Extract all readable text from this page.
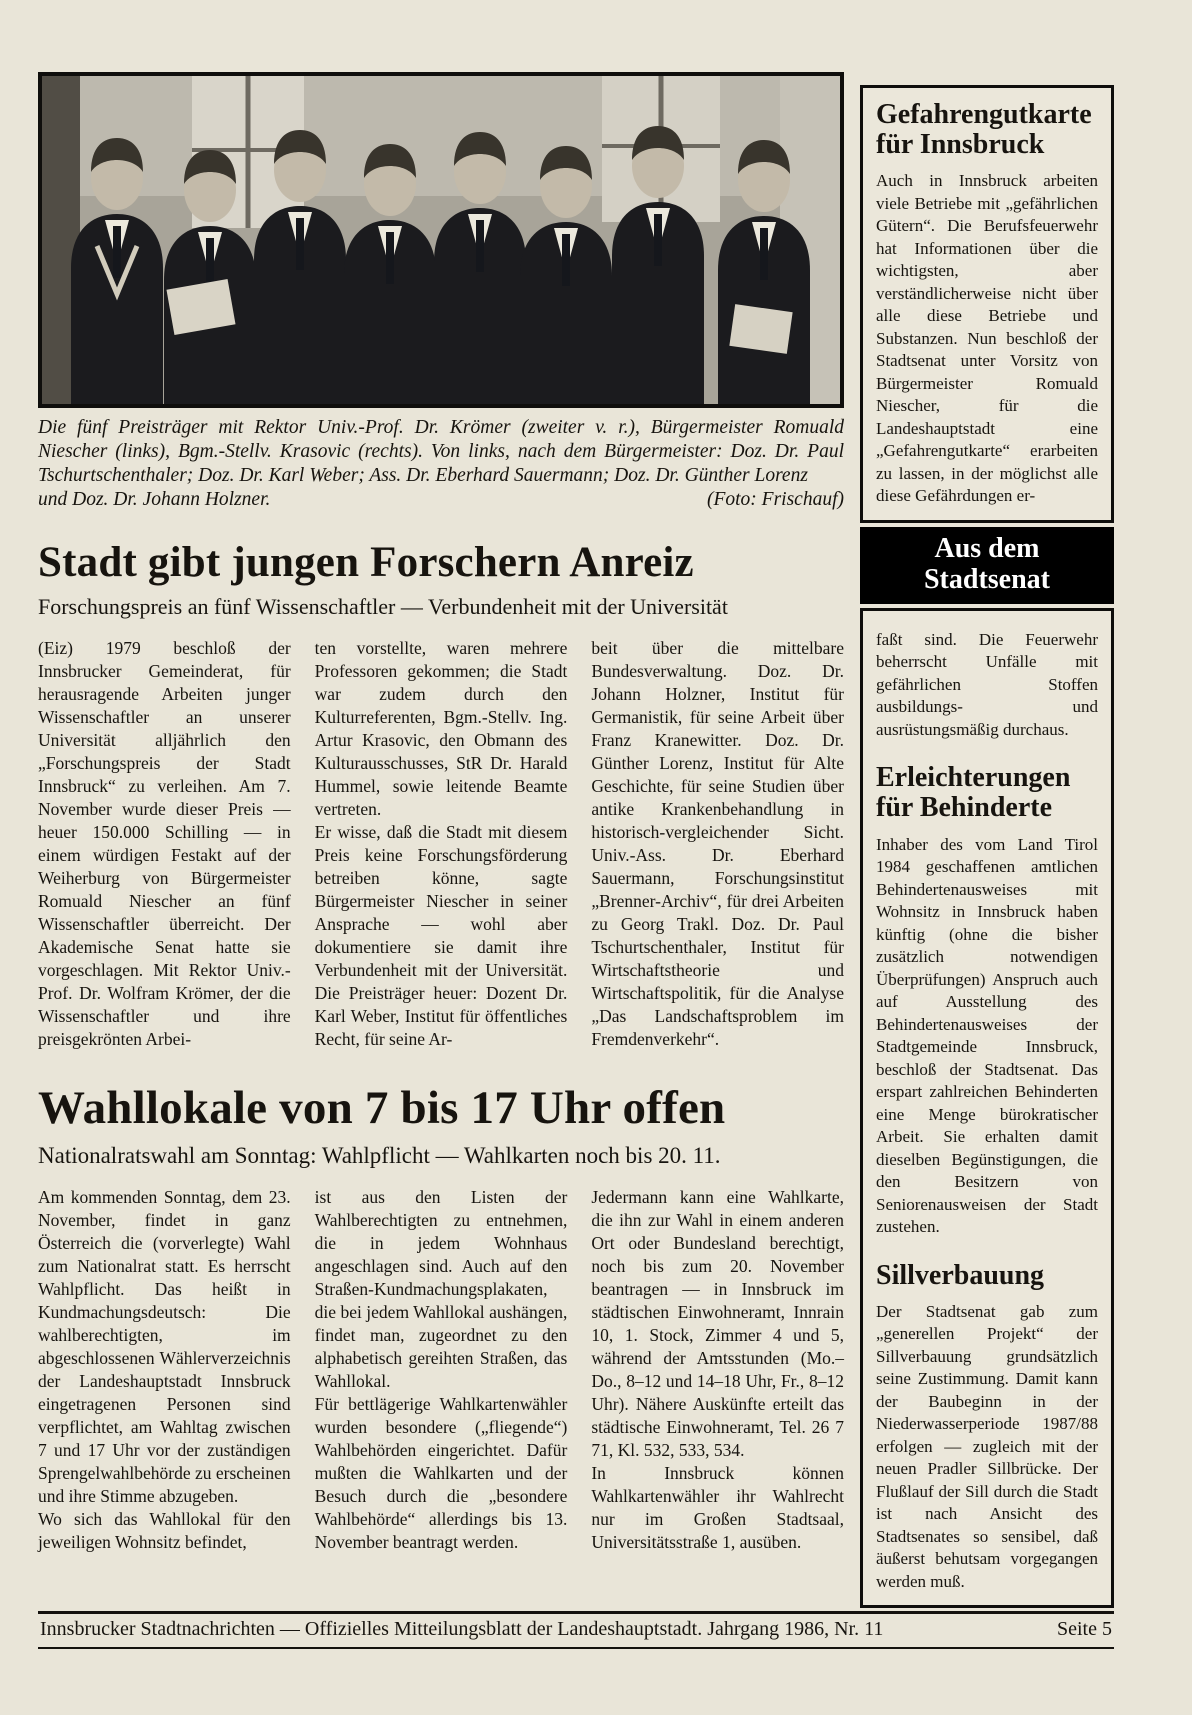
Die fünf Preisträger mit Rektor Univ.-Prof. Dr. Krömer (zweiter v. r.), Bürgermeister Romuald Niescher (links), Bgm.-Stellv. Krasovic (rechts). Von links, nach dem Bürgermeister: Doz. Dr. Paul Tschurtschenthaler; Doz. Dr. Karl Weber; Ass. Dr. Eberhard Sauermann; Doz. Dr. Günther Lorenz

und Doz. Dr. Johann Holzner.	(Foto: Frischauf)
Stadt gibt jungen Forschern Anreiz
Forschungspreis an fünf Wissenschaftler — Verbundenheit mit der Universität

(Eiz) 1979 beschloß der Innsbrucker Gemeinderat, für herausragende Arbeiten junger Wissenschaftler an unserer Universität alljährlich den „Forschungspreis der Stadt Innsbruck“ zu verleihen. Am 7. November wurde dieser Preis — heuer 150.000 Schilling — in einem würdigen Festakt auf der Weiherburg von Bürgermeister Romuald Niescher an fünf Wissenschaftler überreicht. Der Akademische Senat hatte sie vorgeschlagen. Mit Rektor Univ.-Prof. Dr. Wolfram Krömer, der die Wissenschaftler und ihre preisgekrönten Arbei-

ten vorstellte, waren mehrere Professoren gekommen; die Stadt war zudem durch den Kulturreferenten, Bgm.-Stellv. Ing. Artur Krasovic, den Obmann des Kulturausschusses, StR Dr. Harald Hummel, sowie leitende Beamte vertreten.

Er wisse, daß die Stadt mit diesem Preis keine Forschungsförderung betreiben könne, sagte Bürgermeister Niescher in seiner Ansprache — wohl aber dokumentiere sie damit ihre Verbundenheit mit der Universität. Die Preisträger heuer: Dozent Dr. Karl Weber, Institut für öffentliches Recht, für seine Ar-

beit über die mittelbare Bundesverwaltung. Doz. Dr. Johann Holzner, Institut für Germanistik, für seine Arbeit über Franz Kranewitter. Doz. Dr. Günther Lorenz, Institut für Alte Geschichte, für seine Studien über antike Krankenbehandlung in historisch-vergleichender Sicht. Univ.-Ass. Dr. Eberhard Sauermann, Forschungsinstitut „Brenner-Archiv“, für drei Arbeiten zu Georg Trakl. Doz. Dr. Paul Tschurtschenthaler, Institut für Wirtschaftstheorie und Wirtschaftspolitik, für die Analyse „Das Landschaftsproblem im Fremdenverkehr“.

Wahllokale von 7 bis 17 Uhr offen
Nationalratswahl am Sonntag: Wahlpflicht — Wahlkarten noch bis 20. 11.

Am kommenden Sonntag, dem 23. November, findet in ganz Österreich die (vorverlegte) Wahl zum Nationalrat statt. Es herrscht Wahlpflicht. Das heißt in Kundmachungsdeutsch: Die wahlberechtigten, im abgeschlossenen Wählerverzeichnis der Landeshauptstadt Innsbruck eingetragenen Personen sind verpflichtet, am Wahltag zwischen 7 und 17 Uhr vor der zuständigen Sprengelwahlbehörde zu erscheinen und ihre Stimme abzugeben.

Wo sich das Wahllokal für den jeweiligen Wohnsitz befindet,

ist aus den Listen der Wahlberechtigten zu entnehmen, die in jedem Wohnhaus angeschlagen sind. Auch auf den Straßen-Kundmachungsplakaten, die bei jedem Wahllokal aushängen, findet man, zugeordnet zu den alphabetisch gereihten Straßen, das Wahllokal.

Für bettlägerige Wahlkartenwähler wurden besondere („fliegende“) Wahlbehörden eingerichtet. Dafür mußten die Wahlkarten und der Besuch durch die „besondere Wahlbehörde“ allerdings bis 13. November beantragt werden.

Jedermann kann eine Wahlkarte, die ihn zur Wahl in einem anderen Ort oder Bundesland berechtigt, noch bis zum 20. November beantragen — in Innsbruck im städtischen Einwohneramt, Innrain 10, 1. Stock, Zimmer 4 und 5, während der Amtsstunden (Mo.–Do., 8–12 und 14–18 Uhr, Fr., 8–12 Uhr). Nähere Auskünfte erteilt das städtische Einwohneramt, Tel. 26 7 71, Kl. 532, 533, 534.

In Innsbruck können Wahlkartenwähler ihr Wahlrecht nur im Großen Stadtsaal, Universitätsstraße 1, ausüben.

Gefahrengutkarte für Innsbruck

Auch in Innsbruck arbeiten viele Betriebe mit „gefährlichen Gütern“. Die Berufsfeuerwehr hat Informationen über die wichtigsten, aber verständlicherweise nicht über alle diese Betriebe und Substanzen. Nun beschloß der Stadtsenat unter Vorsitz von Bürgermeister Romuald Niescher, für die Landeshauptstadt eine „Gefahrengutkarte“ erarbeiten zu lassen, in der möglichst alle diese Gefährdungen er-

Aus dem
Stadtsenat

faßt sind. Die Feuerwehr beherrscht Unfälle mit gefährlichen Stoffen ausbildungs- und ausrüstungsmäßig durchaus.

Erleichterungen für Behinderte

Inhaber des vom Land Tirol 1984 geschaffenen amtlichen Behindertenausweises mit Wohnsitz in Innsbruck haben künftig (ohne die bisher zusätzlich notwendigen Überprüfungen) Anspruch auch auf Ausstellung des Behindertenausweises der Stadtgemeinde Innsbruck, beschloß der Stadtsenat. Das erspart zahlreichen Behinderten eine Menge bürokratischer Arbeit. Sie erhalten damit dieselben Begünstigungen, die den Besitzern von Seniorenausweisen der Stadt zustehen.

Sillverbauung

Der Stadtsenat gab zum „generellen Projekt“ der Sillverbauung grundsätzlich seine Zustimmung. Damit kann der Baubeginn in der Niederwasserperiode 1987/88 erfolgen — zugleich mit der neuen Pradler Sillbrücke. Der Flußlauf der Sill durch die Stadt ist nach Ansicht des Stadtsenates so sensibel, daß äußerst behutsam vorgegangen werden muß.

Innsbrucker Stadtnachrichten — Offizielles Mitteilungsblatt der Landeshauptstadt. Jahrgang 1986, Nr. 11	Seite 5
